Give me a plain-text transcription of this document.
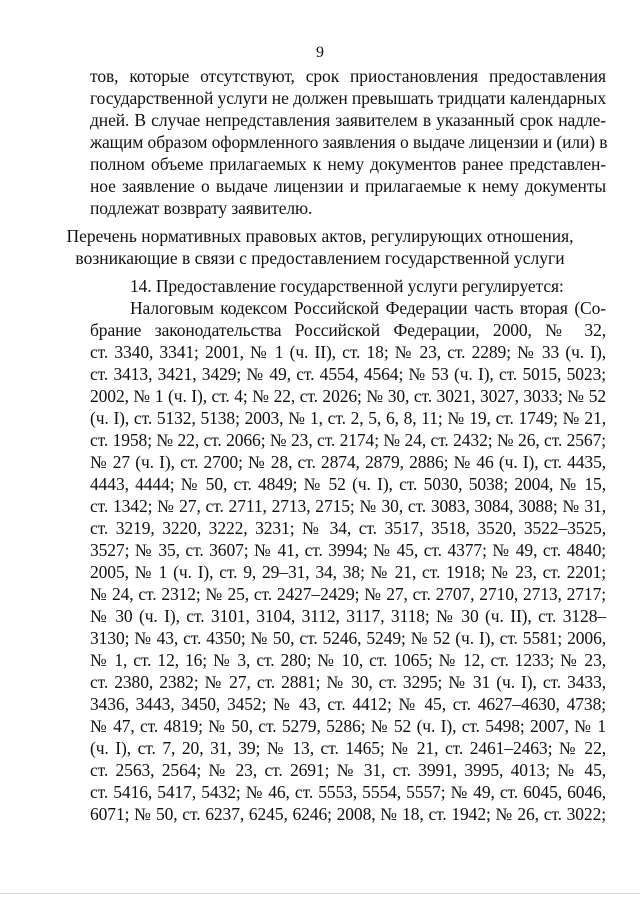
9
тов, которые отсутствуют, срок приостановления предоставления
государственной услуги не должен превышать тридцати календарных
дней. В случае непредставления заявителем в указанный срок надле-
жащим образом оформленного заявления о выдаче лицензии и (или) в
полном объеме прилагаемых к нему документов ранее представлен-
ное заявление о выдаче лицензии и прилагаемые к нему документы
подлежат возврату заявителю.
Перечень нормативных правовых актов, регулирующих отношения,
возникающие в связи с предоставлением государственной услуги
14. Предоставление государственной услуги регулируется:
Налоговым кодексом Российской Федерации часть вторая (Со-
брание законодательства Российской Федерации, 2000, № 32,
ст. 3340, 3341; 2001, № 1 (ч. II), ст. 18; № 23, ст. 2289; № 33 (ч. I),
ст. 3413, 3421, 3429; № 49, ст. 4554, 4564; № 53 (ч. I), ст. 5015, 5023;
2002, № 1 (ч. I), ст. 4; № 22, ст. 2026; № 30, ст. 3021, 3027, 3033; № 52
(ч. I), ст. 5132, 5138; 2003, № 1, ст. 2, 5, 6, 8, 11; № 19, ст. 1749; № 21,
ст. 1958; № 22, ст. 2066; № 23, ст. 2174; № 24, ст. 2432; № 26, ст. 2567;
№ 27 (ч. I), ст. 2700; № 28, ст. 2874, 2879, 2886; № 46 (ч. I), ст. 4435,
4443, 4444; № 50, ст. 4849; № 52 (ч. I), ст. 5030, 5038; 2004, № 15,
ст. 1342; № 27, ст. 2711, 2713, 2715; № 30, ст. 3083, 3084, 3088; № 31,
ст. 3219, 3220, 3222, 3231; № 34, ст. 3517, 3518, 3520, 3522–3525,
3527; № 35, ст. 3607; № 41, ст. 3994; № 45, ст. 4377; № 49, ст. 4840;
2005, № 1 (ч. I), ст. 9, 29–31, 34, 38; № 21, ст. 1918; № 23, ст. 2201;
№ 24, ст. 2312; № 25, ст. 2427–2429; № 27, ст. 2707, 2710, 2713, 2717;
№ 30 (ч. I), ст. 3101, 3104, 3112, 3117, 3118; № 30 (ч. II), ст. 3128–
3130; № 43, ст. 4350; № 50, ст. 5246, 5249; № 52 (ч. I), ст. 5581; 2006,
№ 1, ст. 12, 16; № 3, ст. 280; № 10, ст. 1065; № 12, ст. 1233; № 23,
ст. 2380, 2382; № 27, ст. 2881; № 30, ст. 3295; № 31 (ч. I), ст. 3433,
3436, 3443, 3450, 3452; № 43, ст. 4412; № 45, ст. 4627–4630, 4738;
№ 47, ст. 4819; № 50, ст. 5279, 5286; № 52 (ч. I), ст. 5498; 2007, № 1
(ч. I), ст. 7, 20, 31, 39; № 13, ст. 1465; № 21, ст. 2461–2463; № 22,
ст. 2563, 2564; № 23, ст. 2691; № 31, ст. 3991, 3995, 4013; № 45,
ст. 5416, 5417, 5432; № 46, ст. 5553, 5554, 5557; № 49, ст. 6045, 6046,
6071; № 50, ст. 6237, 6245, 6246; 2008, № 18, ст. 1942; № 26, ст. 3022;
